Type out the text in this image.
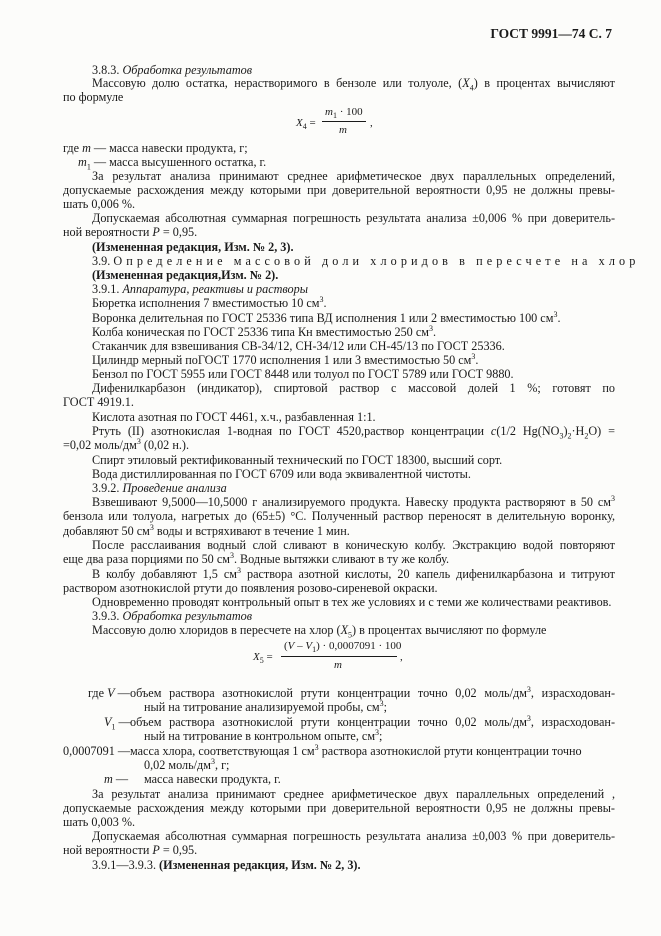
ГОСТ 9991—74 С. 7
3.8.3. Обработка результатов
Массовую долю остатка, нерастворимого в бензоле или толуоле, $(X_4)$ в процентах вычисляют
по формуле
$X_4$ =
$m_1 \cdot 100$
m
,
где m — масса навески продукта, г;
$m_1$ — масса высушенного остатка, г.
За результат анализа принимают среднее арифметическое двух параллельных определений,
допускаемые расхождения между которыми при доверительной вероятности 0,95 не должны превы-
шать 0,006 %.
Допускаемая абсолютная суммарная погрешность результата анализа ±0,006 % при доверитель-
ной вероятности P = 0,95.
(Измененная редакция, Изм. № 2, 3).
3.9. Определение массовой доли хлоридов в пересчете на хлор
(Измененная редакция,Изм. № 2).
3.9.1. Аппаратура, реактивы и растворы
Бюретка исполнения 7 вместимостью 10 $см^3$.
Воронка делительная по ГОСТ 25336 типа ВД исполнения 1 или 2 вместимостью 100 $см^3$.
Колба коническая по ГОСТ 25336 типа Кн вместимостью 250 $см^3$.
Стаканчик для взвешивания СВ-34/12, СН-34/12 или СН-45/13 по ГОСТ 25336.
Цилиндр мерный поГОСТ 1770 исполнения 1 или 3 вместимостью 50 $см^3$.
Бензол по ГОСТ 5955 или ГОСТ 8448 или толуол по ГОСТ 5789 или ГОСТ 9880.
Дифенилкарбазон (индикатор), спиртовой раствор с массовой долей 1 %; готовят по
ГОСТ 4919.1.
Кислота азотная по ГОСТ 4461, х.ч., разбавленная 1:1.
Ртуть (II) азотнокислая 1-водная по ГОСТ 4520,раствор концентрации c(1/2 $Hg(NO_3)_2\cdot H_2O$) =
=0,02 моль/$дм^3$ (0,02 н.).
Спирт этиловый ректификованный технический по ГОСТ 18300, высший сорт.
Вода дистиллированная по ГОСТ 6709 или вода эквивалентной чистоты.
3.9.2. Проведение анализа
Взвешивают 9,5000—10,5000 г анализируемого продукта. Навеску продукта растворяют в 50 $см^3$
бензола или толуола, нагретых до (65±5) °С. Полученный раствор переносят в делительную воронку,
добавляют 50 $см^3$ воды и встряхивают в течение 1 мин.
После расслаивания водный слой сливают в коническую колбу. Экстракцию водой повторяют
еще два раза порциями по 50 $см^3$. Водные вытяжки сливают в ту же колбу.
В колбу добавляют 1,5 $см^3$ раствора азотной кислоты, 20 капель дифенилкарбазона и титруют
раствором азотнокислой ртути до появления розово-сиреневой окраски.
Одновременно проводят контрольный опыт в тех же условиях и с теми же количествами реактивов.
3.9.3. Обработка результатов
Массовую долю хлоридов в пересчете на хлор $(X_5)$ в процентах вычисляют по формуле
$X_5$ =
$(V - V_1) \cdot 0,0007091 \cdot 100$
m
,
где V — объем раствора азотнокислой ртути концентрации точно 0,02 моль/$дм^3$, израсходован-
ный на титрование анализируемой пробы, $см^3$;
$V_1$ — объем раствора азотнокислой ртути концентрации точно 0,02 моль/$дм^3$, израсходован-
ный на титрование в контрольном опыте, $см^3$;
0,0007091 — масса хлора, соответствующая 1 $см^3$ раствора азотнокислой ртути концентрации точно
0,02 моль/$дм^3$, г;
m — масса навески продукта, г.
За результат анализа принимают среднее арифметическое двух параллельных определений ,
допускаемые расхождения между которыми при доверительной вероятности 0,95 не должны превы-
шать 0,003 %.
Допускаемая абсолютная суммарная погрешность результата анализа ±0,003 % при доверитель-
ной вероятности P = 0,95.
3.9.1—3.9.3. (Измененная редакция, Изм. № 2, 3).
